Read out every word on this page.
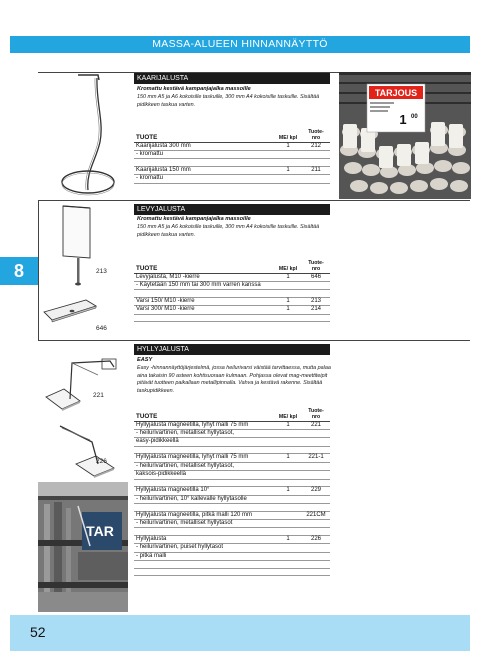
MASSA-ALUEEN HINNANNÄYTTÖ
8
KAARIJALUSTA
Kromattu kestävä kampanjajalka massoille
150 mm A5 ja A6 kokoisille taskuille, 300 mm A4 kokoisille taskuille. Sisältää pidikkeen taskua varten.
TUOTE	ME/ kpl	Tuote- nro
Kaarijalusta 300 mm	1	212
- kromattu		

Kaarijalusta 150 mm	1	211
- kromattu		
TARJOUS
1 00
213
646
LEVYJALUSTA
Kromattu kestävä kampanjajalka massoille
150 mm A5 ja A6 kokoisille taskuille, 300 mm A4 kokoisille taskuille. Sisältää pidikkeen taskua varten.
TUOTE	ME/ kpl	Tuote- nro
Levyjalusta, M10 -kierre	1	646
- Käytetään 150 mm tai 300 mm varren kanssa		

Varsi 150/ M10 -kierre	1	213
Varsi 300/ M10 -kierre	1	214

221
226
TAR
HYLLYJALUSTA
EASY
Easy -hinnannäyttöjärjestelmä, jossa heilurivarsi väistää tarvittaessa, mutta palaa aina takaisin 90 asteen kohtisuoraan kulmaan. Pohjassa olevat mag-meettiteipit pitävät tuotteen paikallaan metallipinnalla. Vahva ja kestävä rakenne. Sisältää taskupidikkeen.
TUOTE	ME/ kpl	Tuote- nro
Hyllyjalusta magneetilla, lyhyt malli 75 mm	1	221
- heilurivartinen, metalliset hyllytasot,		
easy-pidikkeellä		

Hyllyjalusta magneetilla, lyhyt malli 75 mm	1	221-1
- heilurivartinen, metalliset hyllytasot,		
kaksois-pidikkeellä		

Hyllyjalusta magneetilla 10°	1	229
- heilurivartinen, 10° kallevalle hyllytasolle		

Hyllyjalusta magneetilla, pitkä malli 120 mm		221CM
- heilurivartinen, metalliset hyllytasot		

Hyllyjalusta	1	226
- heilurivartinen, puiset hyllytasot		
- pitkä malli		

52
